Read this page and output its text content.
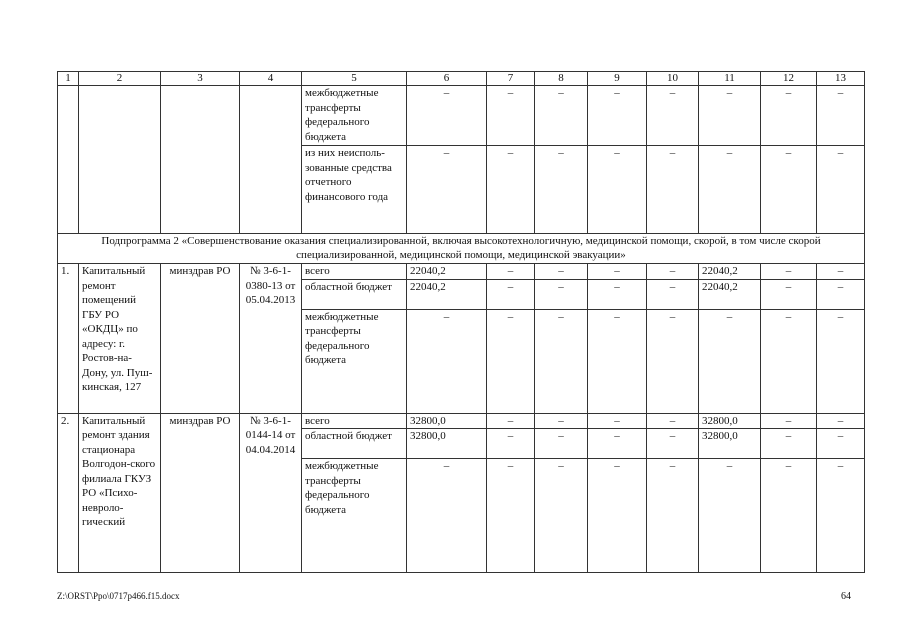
1	2	3	4	5	6	7	8	9	10	11	12	13
				межбюджетные трансферты федерального бюджета	–	–	–	–	–	–	–	–
				из них неисполь-зованные средства отчетного финансового года	–	–	–	–	–	–	–	–
Подпрограмма 2 «Совершенствование оказания специализированной, включая высокотехнологичную, медицинской помощи, скорой, в том числе скорой специализированной, медицинской помощи, медицинской эвакуации»												
1.	Капитальный ремонт помещений ГБУ РО «ОКДЦ» по адресу: г. Ростов-на-Дону, ул. Пуш-кинская, 127	минздрав РО	№ 3-6-1-0380-13 от 05.04.2013	всего	22040,2	–	–	–	–	22040,2	–	–
				областной бюджет	22040,2	–	–	–	–	22040,2	–	–
				межбюджетные трансферты федерального бюджета	–	–	–	–	–	–	–	–
2.	Капитальный ремонт здания стационара Волгодон-ского филиала ГКУЗ РО «Психо-невроло-гический	минздрав РО	№ 3-6-1-0144-14 от 04.04.2014	всего	32800,0	–	–	–	–	32800,0	–	–
				областной бюджет	32800,0	–	–	–	–	32800,0	–	–
				межбюджетные трансферты федерального бюджета	–	–	–	–	–	–	–	–
Z:\ORST\Ppo\0717p466.f15.docx	64
